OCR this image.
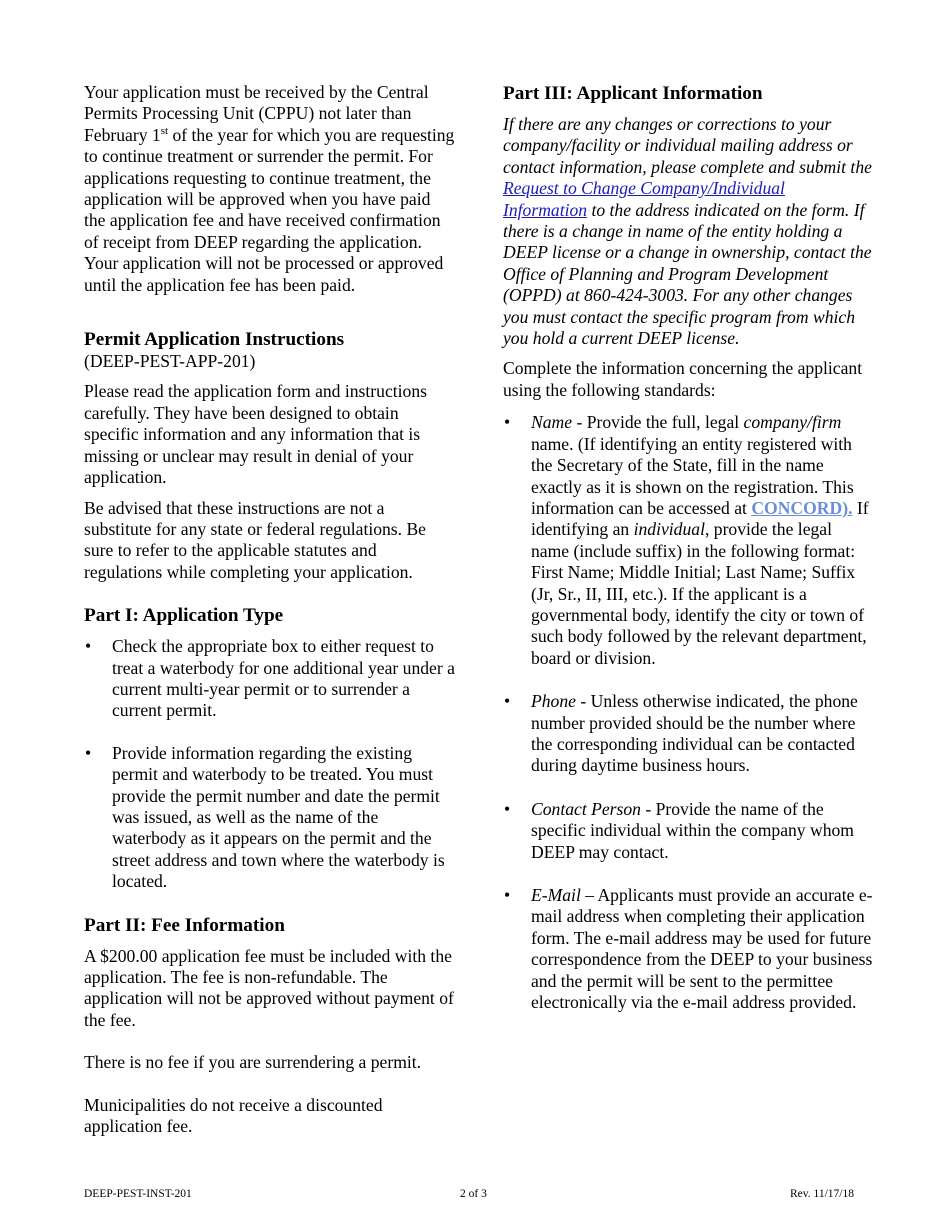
Your application must be received by the Central Permits Processing Unit (CPPU) not later than February 1st of the year for which you are requesting to continue treatment or surrender the permit. For applications requesting to continue treatment, the application will be approved when you have paid the application fee and have received confirmation of receipt from DEEP regarding the application. Your application will not be processed or approved until the application fee has been paid.

Permit Application Instructions

(DEEP-PEST-APP-201)

Please read the application form and instructions carefully. They have been designed to obtain specific information and any information that is missing or unclear may result in denial of your application.

Be advised that these instructions are not a substitute for any state or federal regulations. Be sure to refer to the applicable statutes and regulations while completing your application.

Part I: Application Type
• Check the appropriate box to either request to treat a waterbody for one additional year under a current multi-year permit or to surrender a current permit.
• Provide information regarding the existing permit and waterbody to be treated. You must provide the permit number and date the permit was issued, as well as the name of the waterbody as it appears on the permit and the street address and town where the waterbody is located.
Part II: Fee Information

A $200.00 application fee must be included with the application. The fee is non-refundable. The application will not be approved without payment of the fee.

There is no fee if you are surrendering a permit.

Municipalities do not receive a discounted application fee.

Part III: Applicant Information

If there are any changes or corrections to your company/facility or individual mailing address or contact information, please complete and submit the Request to Change Company/Individual Information to the address indicated on the form. If there is a change in name of the entity holding a DEEP license or a change in ownership, contact the Office of Planning and Program Development (OPPD) at 860-424-3003. For any other changes you must contact the specific program from which you hold a current DEEP license.

Complete the information concerning the applicant using the following standards:

• Name - Provide the full, legal company/firm name. (If identifying an entity registered with the Secretary of the State, fill in the name exactly as it is shown on the registration. This information can be accessed at CONCORD). If identifying an individual, provide the legal name (include suffix) in the following format: First Name; Middle Initial; Last Name; Suffix (Jr, Sr., II, III, etc.). If the applicant is a governmental body, identify the city or town of such body followed by the relevant department, board or division.
• Phone - Unless otherwise indicated, the phone number provided should be the number where the corresponding individual can be contacted during daytime business hours.
• Contact Person - Provide the name of the specific individual within the company whom DEEP may contact.
• E-Mail – Applicants must provide an accurate e-mail address when completing their application form. The e-mail address may be used for future correspondence from the DEEP to your business and the permit will be sent to the permittee electronically via the e-mail address provided.
DEEP-PEST-INST-201	2 of 3	Rev. 11/17/18
